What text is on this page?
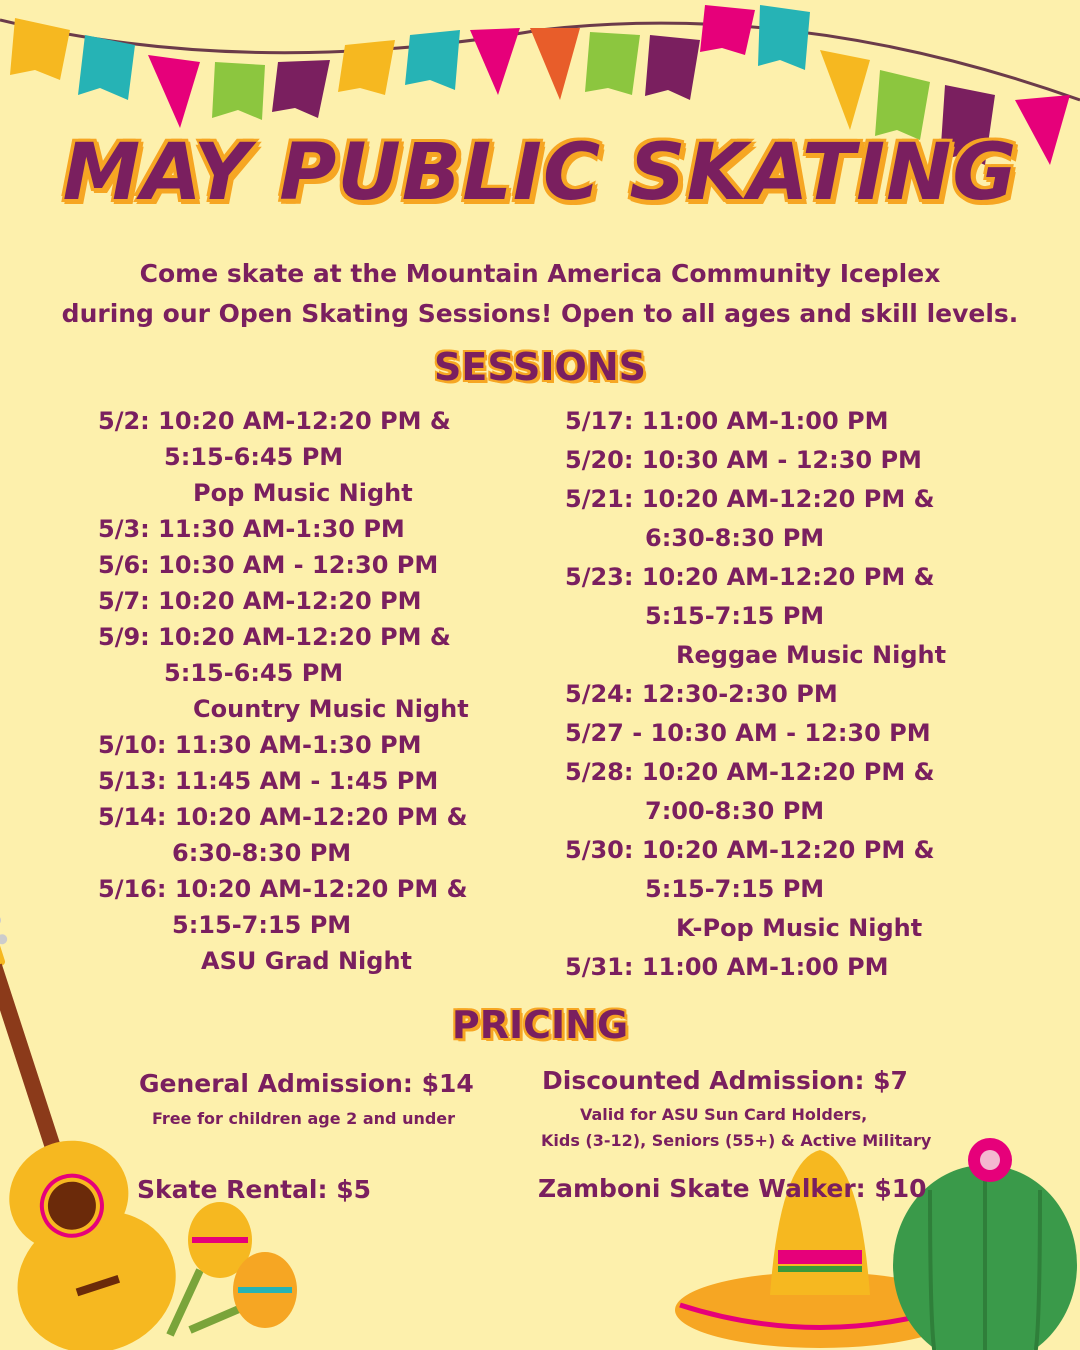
MAY PUBLIC SKATING
Come skate at the Mountain America Community Iceplex
during our Open Skating Sessions! Open to all ages and skill levels.
SESSIONS
5/2: 10:20 AM-12:20 PM &
5:15-6:45 PM
Pop Music Night
5/3: 11:30 AM-1:30 PM
5/6: 10:30 AM - 12:30 PM
5/7: 10:20 AM-12:20 PM
5/9: 10:20 AM-12:20 PM &
5:15-6:45 PM
Country Music Night
5/10: 11:30 AM-1:30 PM
5/13: 11:45 AM - 1:45 PM
5/14: 10:20 AM-12:20 PM &
6:30-8:30 PM
5/16: 10:20 AM-12:20 PM &
5:15-7:15 PM
ASU Grad Night
5/17: 11:00 AM-1:00 PM
5/20: 10:30 AM - 12:30 PM
5/21: 10:20 AM-12:20 PM &
6:30-8:30 PM
5/23: 10:20 AM-12:20 PM &
5:15-7:15 PM
Reggae Music Night
5/24: 12:30-2:30 PM
5/27 - 10:30 AM - 12:30 PM
5/28: 10:20 AM-12:20 PM &
7:00-8:30 PM
5/30: 10:20 AM-12:20 PM &
5:15-7:15 PM
K-Pop Music Night
5/31: 11:00 AM-1:00 PM
PRICING
General Admission: $14
Free for children age 2 and under
Discounted Admission: $7
Valid for ASU Sun Card Holders,
Kids (3-12), Seniors (55+) & Active Military
Skate Rental: $5	Zamboni Skate Walker: $10
